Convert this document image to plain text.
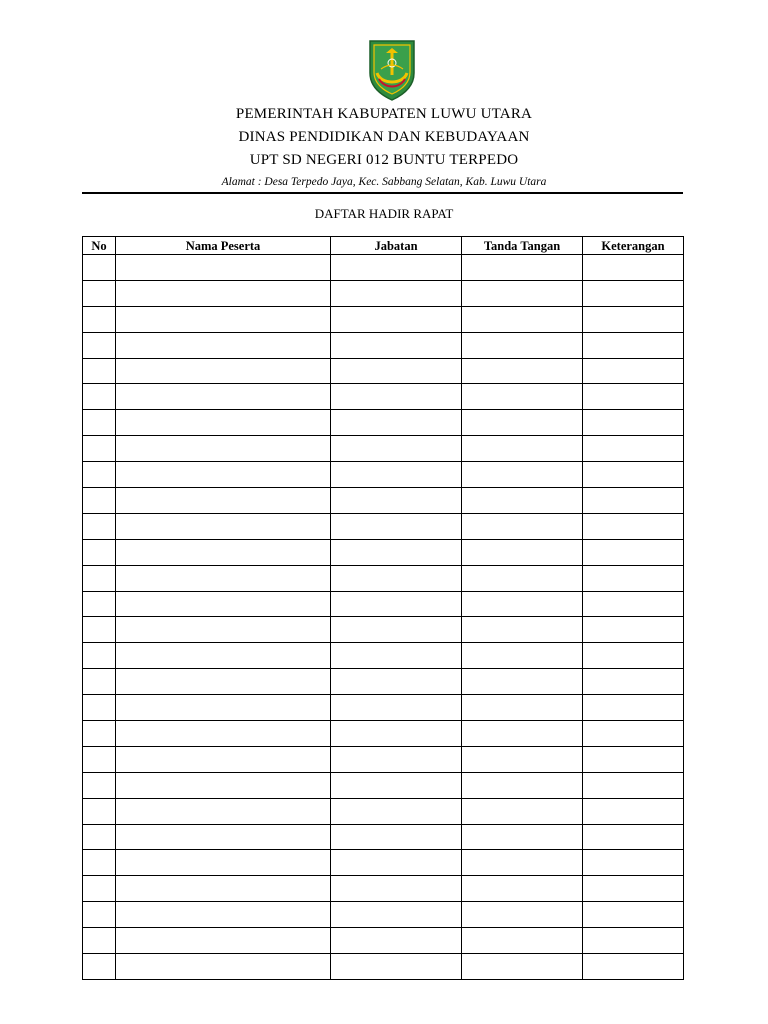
PEMERINTAH KABUPATEN LUWU UTARA

DINAS PENDIDIKAN DAN KEBUDAYAAN

UPT SD NEGERI 012 BUNTU TERPEDO

Alamat : Desa Terpedo Jaya, Kec. Sabbang Selatan, Kab. Luwu Utara

DAFTAR HADIR RAPAT

No	Nama Peserta	Jabatan	Tanda Tangan	Keterangan
